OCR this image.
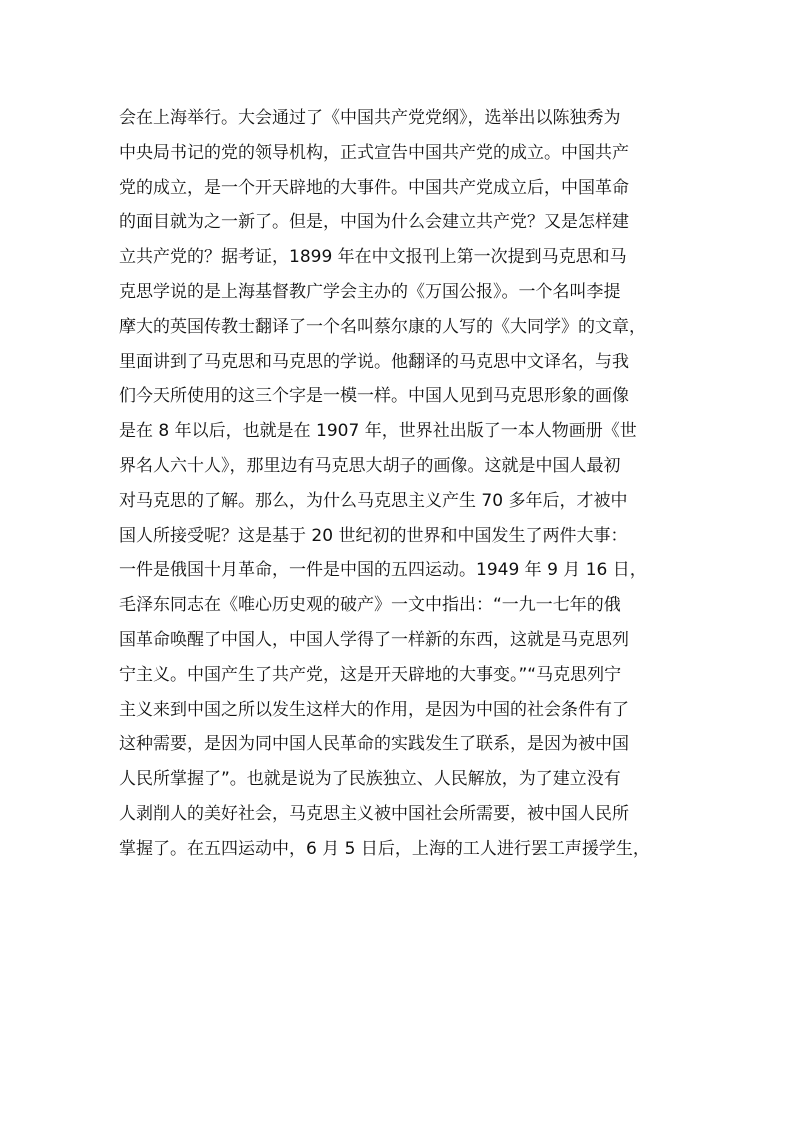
会在上海举行。大会通过了《中国共产党党纲》，选举出以陈独秀为
中央局书记的党的领导机构，正式宣告中国共产党的成立。中国共产
党的成立，是一个开天辟地的大事件。中国共产党成立后，中国革命
的面目就为之一新了。但是，中国为什么会建立共产党？又是怎样建
立共产党的？据考证，1899 年在中文报刊上第一次提到马克思和马
克思学说的是上海基督教广学会主办的《万国公报》。一个名叫李提
摩大的英国传教士翻译了一个名叫蔡尔康的人写的《大同学》的文章，
里面讲到了马克思和马克思的学说。他翻译的马克思中文译名，与我
们今天所使用的这三个字是一模一样。中国人见到马克思形象的画像
是在 8 年以后，也就是在 1907 年，世界社出版了一本人物画册《世
界名人六十人》，那里边有马克思大胡子的画像。这就是中国人最初
对马克思的了解。那么，为什么马克思主义产生 70 多年后，才被中
国人所接受呢？这是基于 20 世纪初的世界和中国发生了两件大事：
一件是俄国十月革命，一件是中国的五四运动。1949 年 9 月 16 日，
毛泽东同志在《唯心历史观的破产》一文中指出：“一九一七年的俄
国革命唤醒了中国人，中国人学得了一样新的东西，这就是马克思列
宁主义。中国产生了共产党，这是开天辟地的大事变。”“马克思列宁
主义来到中国之所以发生这样大的作用，是因为中国的社会条件有了
这种需要，是因为同中国人民革命的实践发生了联系，是因为被中国
人民所掌握了”。也就是说为了民族独立、人民解放，为了建立没有
人剥削人的美好社会，马克思主义被中国社会所需要，被中国人民所
掌握了。在五四运动中，6 月 5 日后，上海的工人进行罢工声援学生，
